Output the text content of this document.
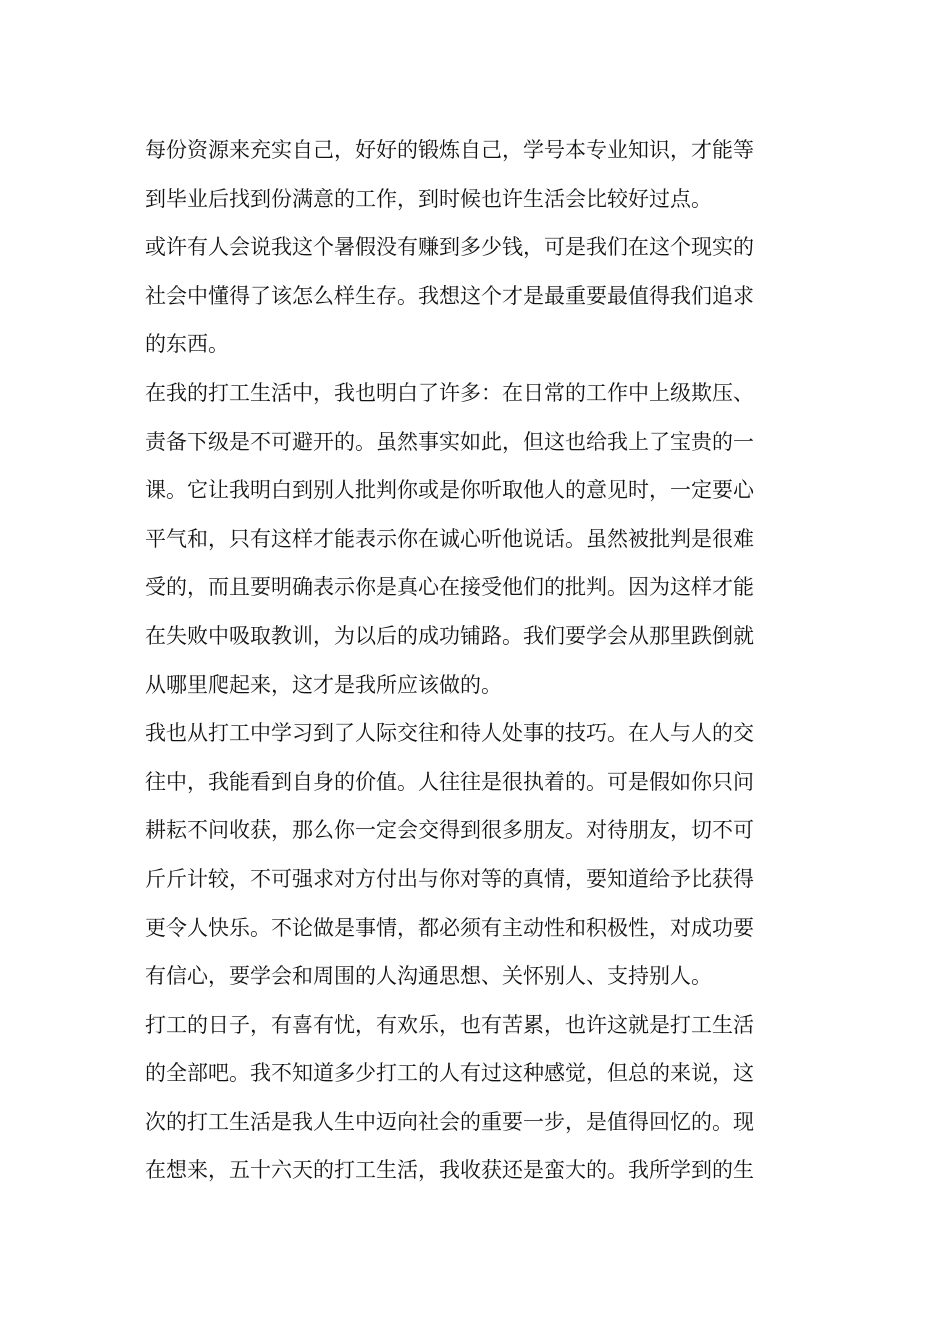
每份资源来充实自己，好好的锻炼自己，学号本专业知识，才能等
到毕业后找到份满意的工作，到时候也许生活会比较好过点。
或许有人会说我这个暑假没有赚到多少钱，可是我们在这个现实的
社会中懂得了该怎么样生存。我想这个才是最重要最值得我们追求
的东西。
在我的打工生活中，我也明白了许多：在日常的工作中上级欺压、
责备下级是不可避开的。虽然事实如此，但这也给我上了宝贵的一
课。它让我明白到别人批判你或是你听取他人的意见时，一定要心
平气和，只有这样才能表示你在诚心听他说话。虽然被批判是很难
受的，而且要明确表示你是真心在接受他们的批判。因为这样才能
在失败中吸取教训，为以后的成功铺路。我们要学会从那里跌倒就
从哪里爬起来，这才是我所应该做的。
我也从打工中学习到了人际交往和待人处事的技巧。在人与人的交
往中，我能看到自身的价值。人往往是很执着的。可是假如你只问
耕耘不问收获，那么你一定会交得到很多朋友。对待朋友，切不可
斤斤计较，不可强求对方付出与你对等的真情，要知道给予比获得
更令人快乐。不论做是事情，都必须有主动性和积极性，对成功要
有信心，要学会和周围的人沟通思想、关怀别人、支持别人。
打工的日子，有喜有忧，有欢乐，也有苦累，也许这就是打工生活
的全部吧。我不知道多少打工的人有过这种感觉，但总的来说，这
次的打工生活是我人生中迈向社会的重要一步，是值得回忆的。现
在想来，五十六天的打工生活，我收获还是蛮大的。我所学到的生
